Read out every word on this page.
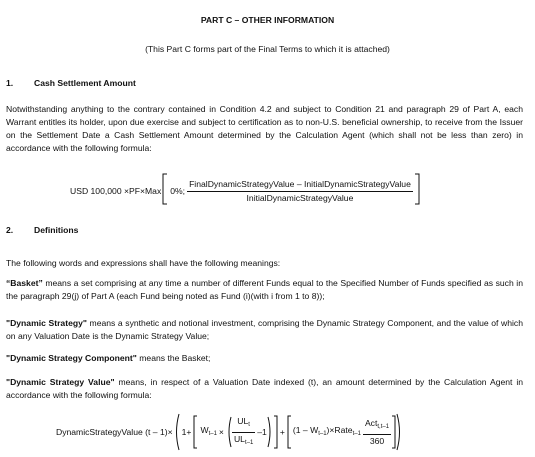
PART C – OTHER INFORMATION
(This Part C forms part of the Final Terms to which it is attached)
1. Cash Settlement Amount
Notwithstanding anything to the contrary contained in Condition 4.2 and subject to Condition 21 and paragraph 29 of Part A, each Warrant entitles its holder, upon due exercise and subject to certification as to non-U.S. beneficial ownership, to receive from the Issuer on the Settlement Date a Cash Settlement Amount determined by the Calculation Agent (which shall not be less than zero) in accordance with the following formula:
USD 100,000 ×PF×Max 0%; $\frac{\text{FinalDynamicStrategyValue – InitialDynamicStrategyValue}}{\text{InitialDynamicStrategyValue}}$
2. Definitions
The following words and expressions shall have the following meanings:
“Basket” means a set comprising at any time a number of different Funds equal to the Specified Number of Funds specified as such in the paragraph 29(j) of Part A (each Fund being noted as Fund (i)(with i from 1 to 8));
"Dynamic Strategy" means a synthetic and notional investment, comprising the Dynamic Strategy Component, and the value of which on any Valuation Date is the Dynamic Strategy Value;
"Dynamic Strategy Component" means the Basket;
"Dynamic Strategy Value" means, in respect of a Valuation Date indexed (t), an amount determined by the Calculation Agent in accordance with the following formula:
DynamicStrategyValue $(t - 1)\times 1+ W_{t-1} \times \frac{UL_t}{UL_{t-1}} -1 + (1 - W_{t-1}$ )×Rate$_{t-1}$ $\frac{Act_{t,t-1}}{360}$
